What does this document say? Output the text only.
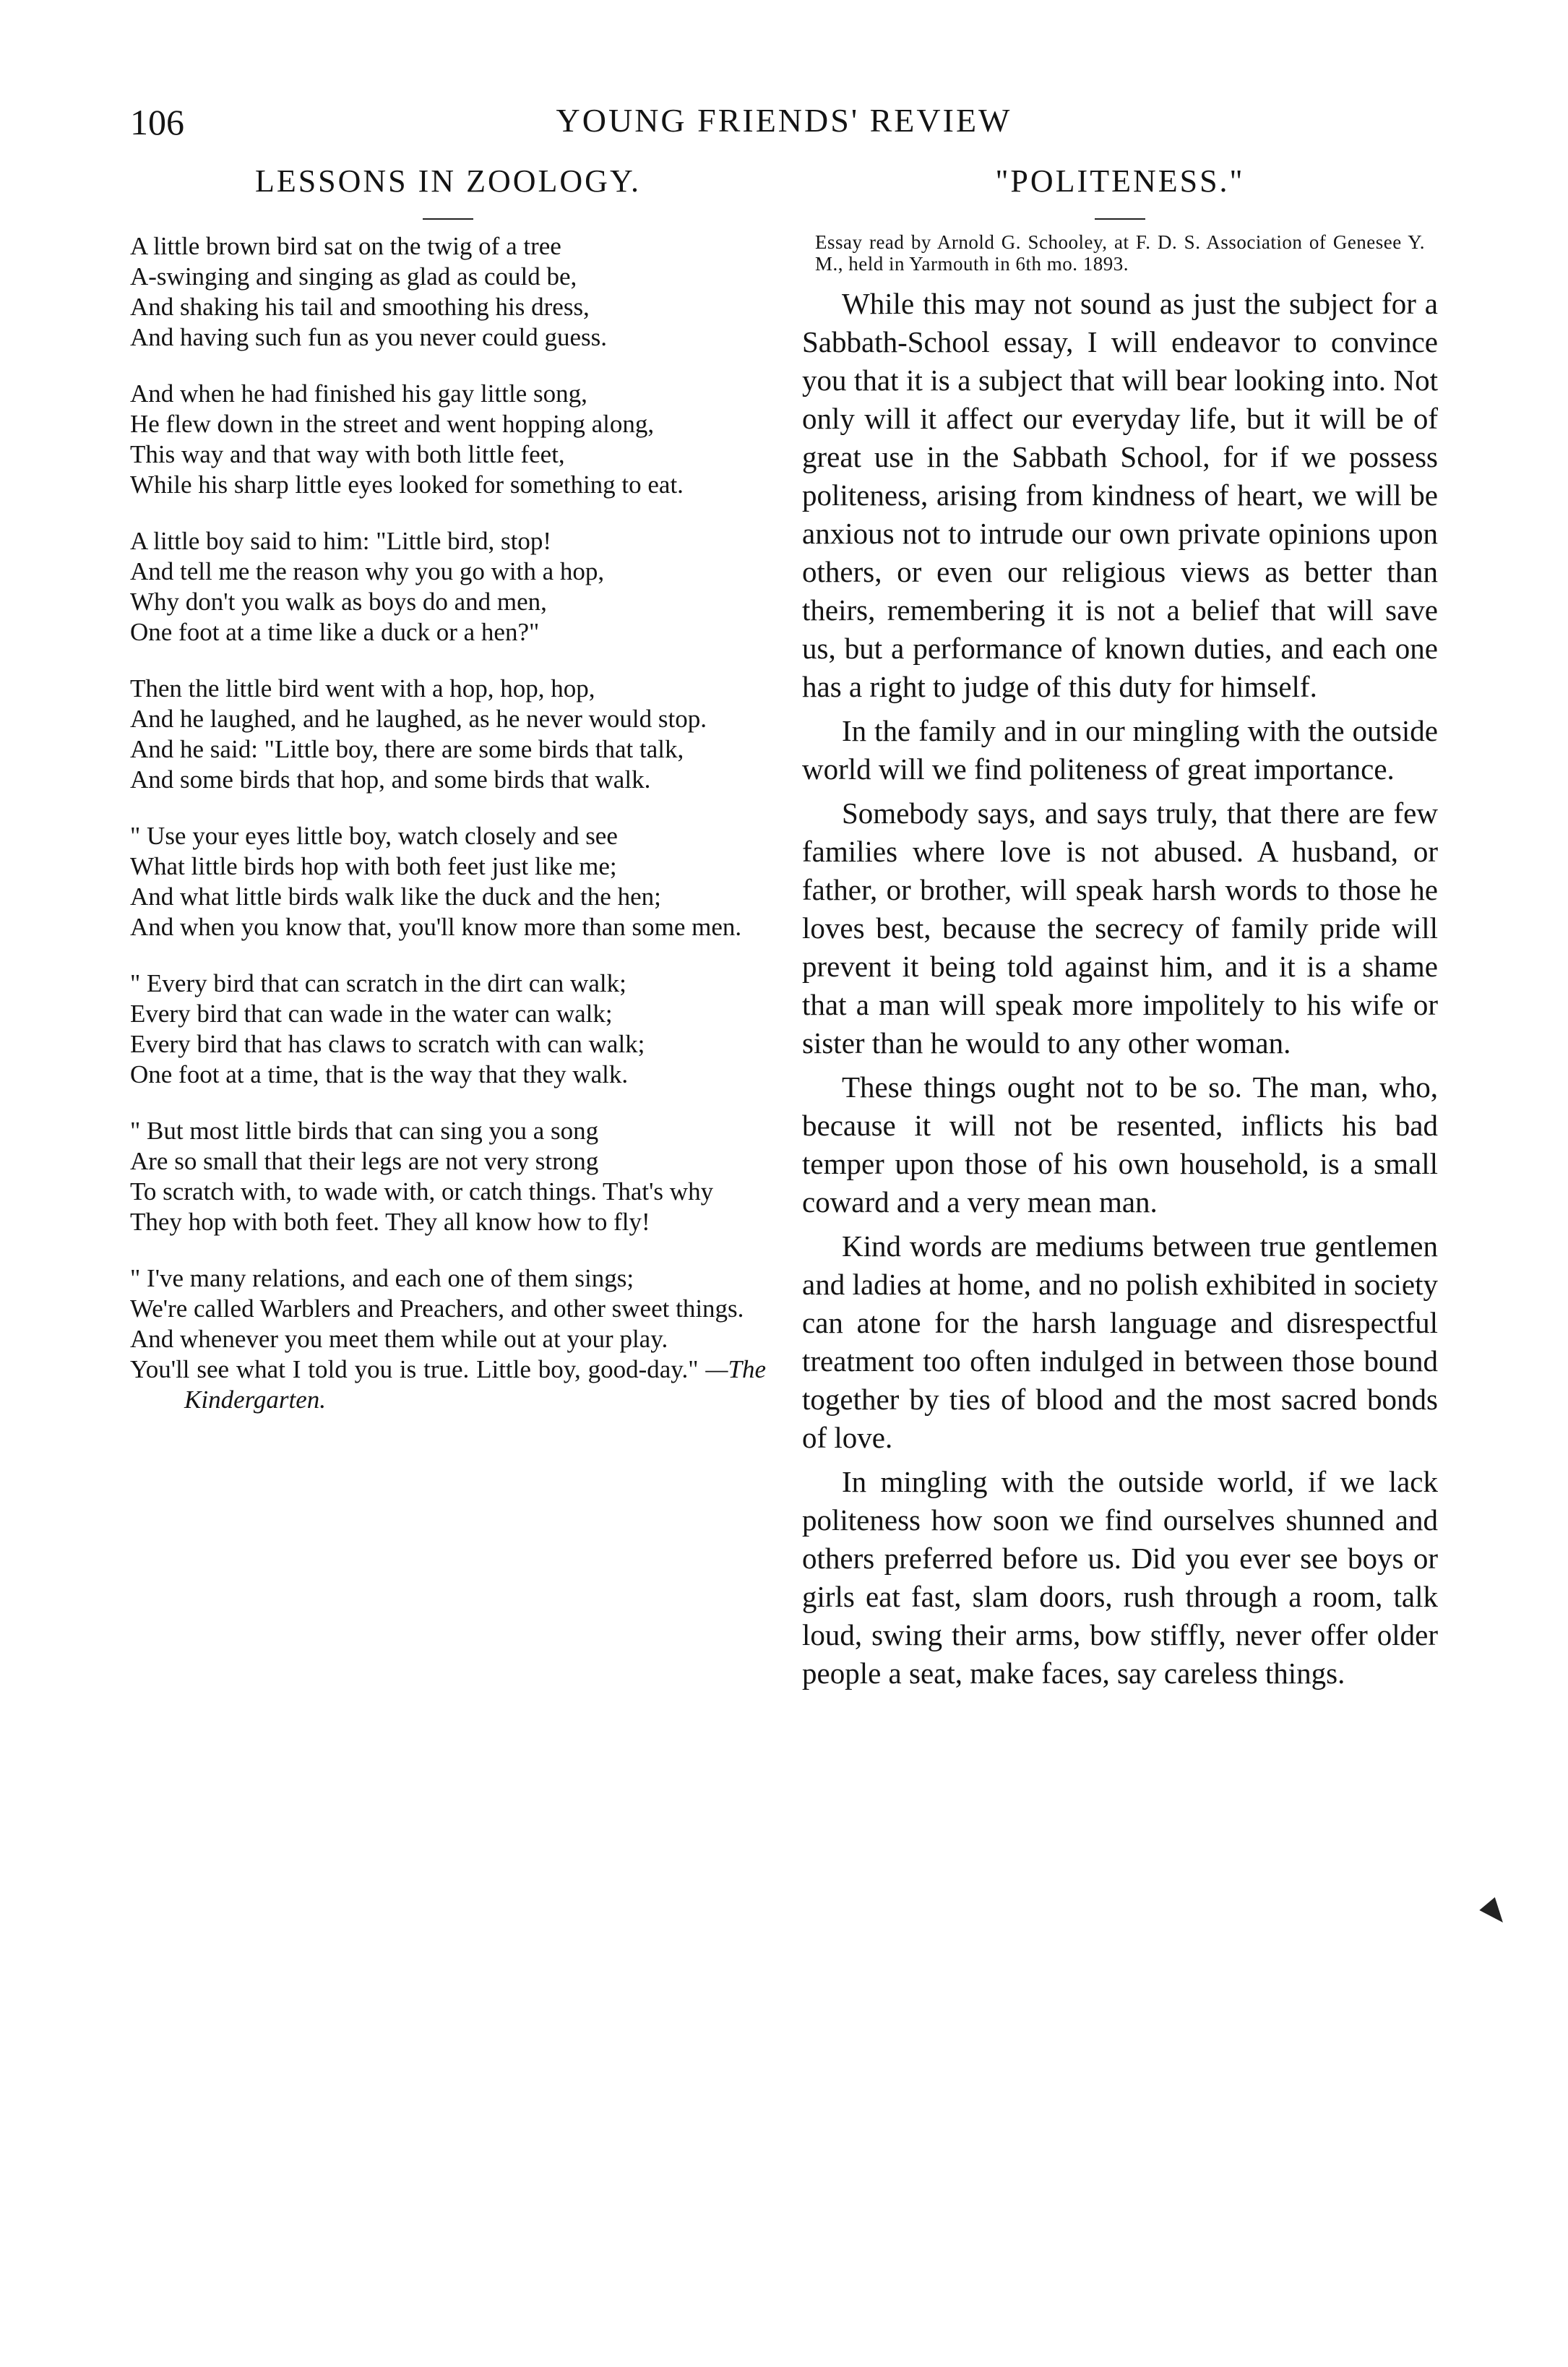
106	YOUNG FRIENDS' REVIEW
LESSONS IN ZOOLOGY.
A little brown bird sat on the twig of a tree
A-swinging and singing as glad as could be,
And shaking his tail and smoothing his dress,
And having such fun as you never could guess.
And when he had finished his gay little song,
He flew down in the street and went hopping along,
This way and that way with both little feet,
While his sharp little eyes looked for something to eat.
A little boy said to him: "Little bird, stop!
And tell me the reason why you go with a hop,
Why don't you walk as boys do and men,
One foot at a time like a duck or a hen?"
Then the little bird went with a hop, hop, hop,
And he laughed, and he laughed, as he never would stop.
And he said: "Little boy, there are some birds that talk,
And some birds that hop, and some birds that walk.
" Use your eyes little boy, watch closely and see
What little birds hop with both feet just like me;
And what little birds walk like the duck and the hen;
And when you know that, you'll know more than some men.
" Every bird that can scratch in the dirt can walk;
Every bird that can wade in the water can walk;
Every bird that has claws to scratch with can walk;
One foot at a time, that is the way that they walk.
" But most little birds that can sing you a song
Are so small that their legs are not very strong
To scratch with, to wade with, or catch things. That's why
They hop with both feet. They all know how to fly!
" I've many relations, and each one of them sings;
We're called Warblers and Preachers, and other sweet things.
And whenever you meet them while out at your play.
You'll see what I told you is true. Little boy, good-day." —The Kindergarten.
"POLITENESS."
Essay read by Arnold G. Schooley, at F. D. S. Association of Genesee Y. M., held in Yarmouth in 6th mo. 1893.

While this may not sound as just the subject for a Sabbath-School essay, I will endeavor to convince you that it is a subject that will bear looking into. Not only will it affect our everyday life, but it will be of great use in the Sabbath School, for if we possess politeness, arising from kindness of heart, we will be anxious not to intrude our own private opinions upon others, or even our religious views as better than theirs, remembering it is not a belief that will save us, but a performance of known duties, and each one has a right to judge of this duty for himself.

In the family and in our mingling with the outside world will we find politeness of great importance.

Somebody says, and says truly, that there are few families where love is not abused. A husband, or father, or brother, will speak harsh words to those he loves best, because the secrecy of family pride will prevent it being told against him, and it is a shame that a man will speak more impolitely to his wife or sister than he would to any other woman.

These things ought not to be so. The man, who, because it will not be resented, inflicts his bad temper upon those of his own household, is a small coward and a very mean man.

Kind words are mediums between true gentlemen and ladies at home, and no polish exhibited in society can atone for the harsh language and disrespectful treatment too often indulged in between those bound together by ties of blood and the most sacred bonds of love.

In mingling with the outside world, if we lack politeness how soon we find ourselves shunned and others preferred before us. Did you ever see boys or girls eat fast, slam doors, rush through a room, talk loud, swing their arms, bow stiffly, never offer older people a seat, make faces, say careless things.
